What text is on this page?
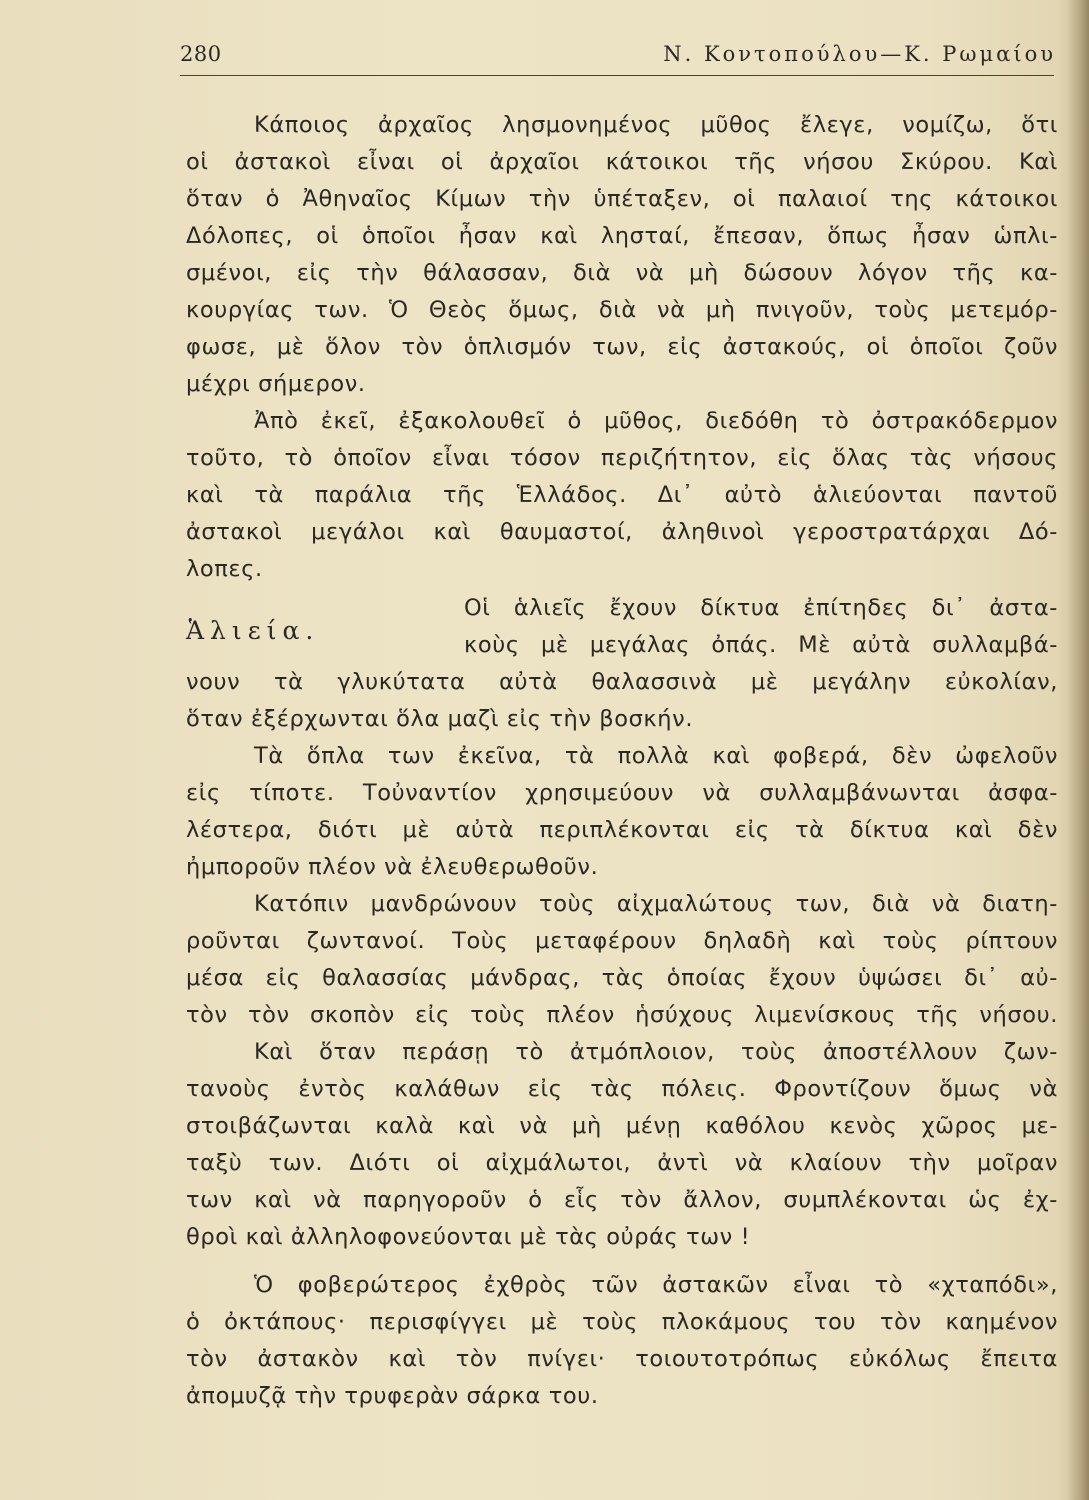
280	Ν. Κοντοπούλου—Κ. Ρωμαίου
Κάποιος ἀρχαῖος λησμονημένος μῦθος ἔλεγε, νομίζω, ὅτι
οἱ ἀστακοὶ εἶναι οἱ ἀρχαῖοι κάτοικοι τῆς νήσου Σκύρου. Καὶ
ὅταν ὁ Ἀθηναῖος Κίμων τὴν ὑπέταξεν, οἱ παλαιοί της κάτοικοι
Δόλοπες, οἱ ὁποῖοι ἦσαν καὶ λησταί, ἔπεσαν, ὅπως ἦσαν ὡπλι-
σμένοι, εἰς τὴν θάλασσαν, διὰ νὰ μὴ δώσουν λόγον τῆς κα-
κουργίας των. Ὁ Θεὸς ὅμως, διὰ νὰ μὴ πνιγοῦν, τοὺς μετεμόρ-
φωσε, μὲ ὅλον τὸν ὁπλισμόν των, εἰς ἀστακούς, οἱ ὁποῖοι ζοῦν
μέχρι σήμερον.
Ἀπὸ ἐκεῖ, ἐξακολουθεῖ ὁ μῦθος, διεδόθη τὸ ὀστρακόδερμον
τοῦτο, τὸ ὁποῖον εἶναι τόσον περιζήτητον, εἰς ὅλας τὰς νήσους
καὶ τὰ παράλια τῆς Ἑλλάδος. Δι᾽ αὐτὸ ἁλιεύονται παντοῦ
ἀστακοὶ μεγάλοι καὶ θαυμαστοί, ἀληθινοὶ γεροστρατάρχαι Δό-
λοπες.
Ἁλιεία.
Οἱ ἁλιεῖς ἔχουν δίκτυα ἐπίτηδες δι᾽ ἀστα-
κοὺς μὲ μεγάλας ὀπάς. Μὲ αὐτὰ συλλαμβά-
νουν τὰ γλυκύτατα αὐτὰ θαλασσινὰ μὲ μεγάλην εὐκολίαν,
ὅταν ἐξέρχωνται ὅλα μαζὶ εἰς τὴν βοσκήν.
Τὰ ὅπλα των ἐκεῖνα, τὰ πολλὰ καὶ φοβερά, δὲν ὠφελοῦν
εἰς τίποτε. Τοὐναντίον χρησιμεύουν νὰ συλλαμβάνωνται ἀσφα-
λέστερα, διότι μὲ αὐτὰ περιπλέκονται εἰς τὰ δίκτυα καὶ δὲν
ἠμποροῦν πλέον νὰ ἐλευθερωθοῦν.
Κατόπιν μανδρώνουν τοὺς αἰχμαλώτους των, διὰ νὰ διατη-
ροῦνται ζωντανοί. Τοὺς μεταφέρουν δηλαδὴ καὶ τοὺς ρίπτουν
μέσα εἰς θαλασσίας μάνδρας, τὰς ὁποίας ἔχουν ὑψώσει δι᾽ αὐ-
τὸν τὸν σκοπὸν εἰς τοὺς πλέον ἡσύχους λιμενίσκους τῆς νήσου.
Καὶ ὅταν περάσῃ τὸ ἀτμόπλοιον, τοὺς ἀποστέλλουν ζων-
τανοὺς ἐντὸς καλάθων εἰς τὰς πόλεις. Φροντίζουν ὅμως νὰ
στοιβάζωνται καλὰ καὶ νὰ μὴ μένῃ καθόλου κενὸς χῶρος με-
ταξὺ των. Διότι οἱ αἰχμάλωτοι, ἀντὶ νὰ κλαίουν τὴν μοῖραν
των καὶ νὰ παρηγοροῦν ὁ εἷς τὸν ἄλλον, συμπλέκονται ὡς ἐχ-
θροὶ καὶ ἀλληλοφονεύονται μὲ τὰς οὐράς των !
Ὁ φοβερώτερος ἐχθρὸς τῶν ἀστακῶν εἶναι τὸ «χταπόδι»,
ὁ ὀκτάπους· περισφίγγει μὲ τοὺς πλοκάμους του τὸν καημένον
τὸν ἀστακὸν καὶ τὸν πνίγει· τοιουτοτρόπως εὐκόλως ἔπειτα
ἀπομυζᾷ τὴν τρυφερὰν σάρκα του.
